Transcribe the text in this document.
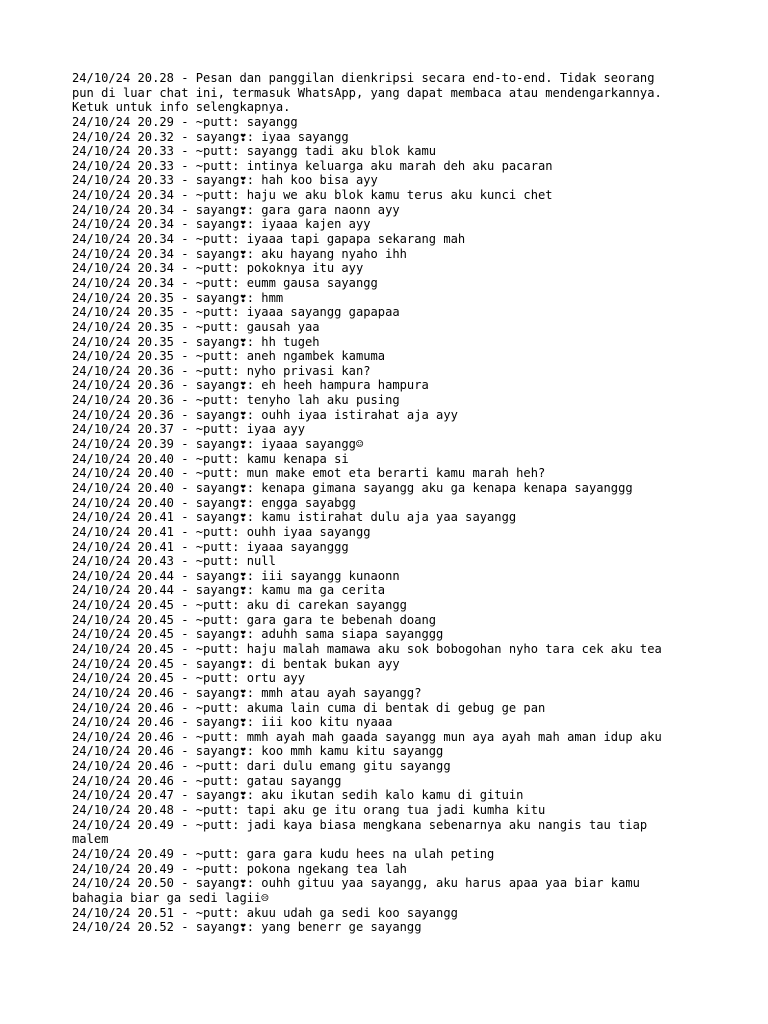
24/10/24 20.28 - Pesan dan panggilan dienkripsi secara end-to-end. Tidak seorang
pun di luar chat ini, termasuk WhatsApp, yang dapat membaca atau mendengarkannya.
Ketuk untuk info selengkapnya.
24/10/24 20.29 - ~putt: sayangg
24/10/24 20.32 - sayang❣: iyaa sayangg
24/10/24 20.33 - ~putt: sayangg tadi aku blok kamu
24/10/24 20.33 - ~putt: intinya keluarga aku marah deh aku pacaran
24/10/24 20.33 - sayang❣: hah koo bisa ayy
24/10/24 20.34 - ~putt: haju we aku blok kamu terus aku kunci chet
24/10/24 20.34 - sayang❣: gara gara naonn ayy
24/10/24 20.34 - sayang❣: iyaaa kajen ayy
24/10/24 20.34 - ~putt: iyaaa tapi gapapa sekarang mah
24/10/24 20.34 - sayang❣: aku hayang nyaho ihh
24/10/24 20.34 - ~putt: pokoknya itu ayy
24/10/24 20.34 - ~putt: eumm gausa sayangg
24/10/24 20.35 - sayang❣: hmm
24/10/24 20.35 - ~putt: iyaaa sayangg gapapaa
24/10/24 20.35 - ~putt: gausah yaa
24/10/24 20.35 - sayang❣: hh tugeh
24/10/24 20.35 - ~putt: aneh ngambek kamuma
24/10/24 20.36 - ~putt: nyho privasi kan?
24/10/24 20.36 - sayang❣: eh heeh hampura hampura
24/10/24 20.36 - ~putt: tenyho lah aku pusing
24/10/24 20.36 - sayang❣: ouhh iyaa istirahat aja ayy
24/10/24 20.37 - ~putt: iyaa ayy
24/10/24 20.39 - sayang❣: iyaaa sayangg☺
24/10/24 20.40 - ~putt: kamu kenapa si
24/10/24 20.40 - ~putt: mun make emot eta berarti kamu marah heh?
24/10/24 20.40 - sayang❣: kenapa gimana sayangg aku ga kenapa kenapa sayanggg
24/10/24 20.40 - sayang❣: engga sayabgg
24/10/24 20.41 - sayang❣: kamu istirahat dulu aja yaa sayangg
24/10/24 20.41 - ~putt: ouhh iyaa sayangg
24/10/24 20.41 - ~putt: iyaaa sayanggg
24/10/24 20.43 - ~putt: null
24/10/24 20.44 - sayang❣: iii sayangg kunaonn
24/10/24 20.44 - sayang❣: kamu ma ga cerita
24/10/24 20.45 - ~putt: aku di carekan sayangg
24/10/24 20.45 - ~putt: gara gara te bebenah doang
24/10/24 20.45 - sayang❣: aduhh sama siapa sayanggg
24/10/24 20.45 - ~putt: haju malah mamawa aku sok bobogohan nyho tara cek aku tea
24/10/24 20.45 - sayang❣: di bentak bukan ayy
24/10/24 20.45 - ~putt: ortu ayy
24/10/24 20.46 - sayang❣: mmh atau ayah sayangg?
24/10/24 20.46 - ~putt: akuma lain cuma di bentak di gebug ge pan
24/10/24 20.46 - sayang❣: iii koo kitu nyaaa
24/10/24 20.46 - ~putt: mmh ayah mah gaada sayangg mun aya ayah mah aman idup aku
24/10/24 20.46 - sayang❣: koo mmh kamu kitu sayangg
24/10/24 20.46 - ~putt: dari dulu emang gitu sayangg
24/10/24 20.46 - ~putt: gatau sayangg
24/10/24 20.47 - sayang❣: aku ikutan sedih kalo kamu di gituin
24/10/24 20.48 - ~putt: tapi aku ge itu orang tua jadi kumha kitu
24/10/24 20.49 - ~putt: jadi kaya biasa mengkana sebenarnya aku nangis tau tiap
malem
24/10/24 20.49 - ~putt: gara gara kudu hees na ulah peting
24/10/24 20.49 - ~putt: pokona ngekang tea lah
24/10/24 20.50 - sayang❣: ouhh gituu yaa sayangg, aku harus apaa yaa biar kamu
bahagia biar ga sedi lagii☹
24/10/24 20.51 - ~putt: akuu udah ga sedi koo sayangg
24/10/24 20.52 - sayang❣: yang benerr ge sayangg
